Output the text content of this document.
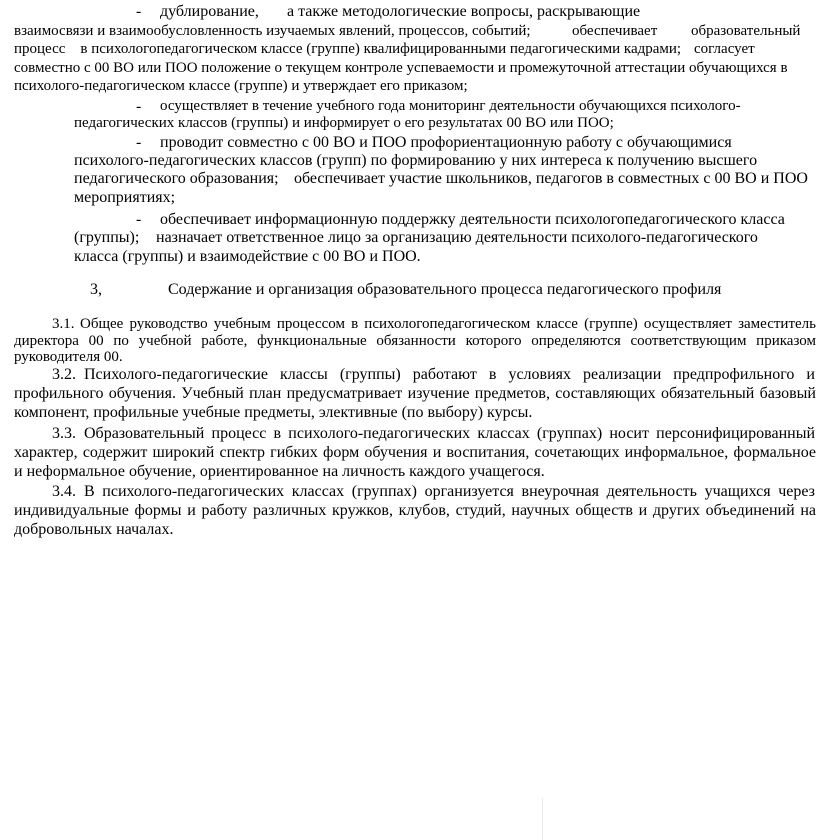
- дублирование, а также методологические вопросы, раскрывающие
взаимосвязи и взаимообусловленность изучаемых явлений, процессов, событий;	обеспечивает образовательный
процесс    в психологопедагогическом классе (группе) квалифицированными педагогическими кадрами; согласует
совместно с 00 ВО или ПОО положение о текущем контроле успеваемости и промежуточной аттестации обучающихся в
психолого-педагогическом классе (группе) и утверждает его приказом;
- осуществляет в течение учебного года мониторинг деятельности обучающихся психолого-
педагогических классов (группы) и информирует о его результатах 00 ВО или ПОО;
- проводит совместно с 00 ВО и ПОО профориентационную работу с обучающимися
психолого-педагогических классов (групп) по формированию у них интереса к получению высшего
педагогического образования; обеспечивает участие школьников, педагогов в совместных с 00 ВО и ПОО
мероприятиях;
- обеспечивает информационную поддержку деятельности психологопедагогического класса
(группы); назначает ответственное лицо за организацию деятельности психолого-педагогического
класса (группы) и взаимодействие с 00 ВО и ПОО.
3,	Содержание и организация образовательного процесса педагогического профиля
3.1. Общее руководство учебным процессом в психологопедагогическом классе (группе) осуществляет заместитель
директора 00 по учебной работе, функциональные обязанности которого определяются соответствующим приказом
руководителя 00.
3.2. Психолого-педагогические классы (группы) работают в условиях реализации предпрофильного и
профильного обучения. Учебный план предусматривает изучение предметов, составляющих обязательный базовый
компонент, профильные учебные предметы, элективные (по выбору) курсы.
3.3. Образовательный процесс в психолого-педагогических классах (группах) носит персонифицированный
характер, содержит широкий спектр гибких форм обучения и воспитания, сочетающих информальное, формальное
и неформальное обучение, ориентированное на личность каждого учащегося.
3.4. В психолого-педагогических классах (группах) организуется внеурочная деятельность учащихся через
индивидуальные формы и работу различных кружков, клубов, студий, научных обществ и других объединений на
добровольных началах.
